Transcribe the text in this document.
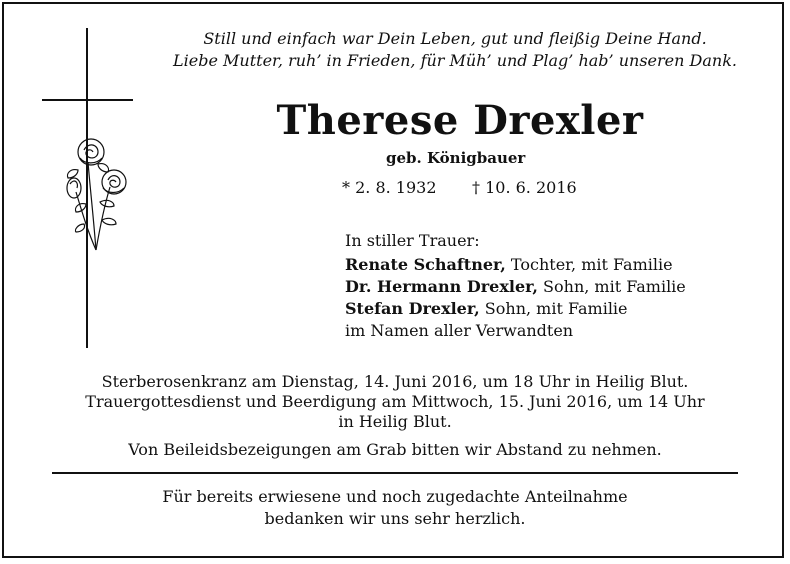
Still und einfach war Dein Leben, gut und fleißig Deine Hand.
Liebe Mutter, ruh’ in Frieden, für Müh’ und Plag’ hab’ unseren Dank.
Therese Drexler
geb. Königbauer
* 2. 8. 1932 † 10. 6. 2016
In stiller Trauer:
Renate Schaftner, Tochter, mit Familie
Dr. Hermann Drexler, Sohn, mit Familie
Stefan Drexler, Sohn, mit Familie
im Namen aller Verwandten
Sterberosenkranz am Dienstag, 14. Juni 2016, um 18 Uhr in Heilig Blut.
Trauergottesdienst und Beerdigung am Mittwoch, 15. Juni 2016, um 14 Uhr
in Heilig Blut.
Von Beileidsbezeigungen am Grab bitten wir Abstand zu nehmen.
Für bereits erwiesene und noch zugedachte Anteilnahme
bedanken wir uns sehr herzlich.
